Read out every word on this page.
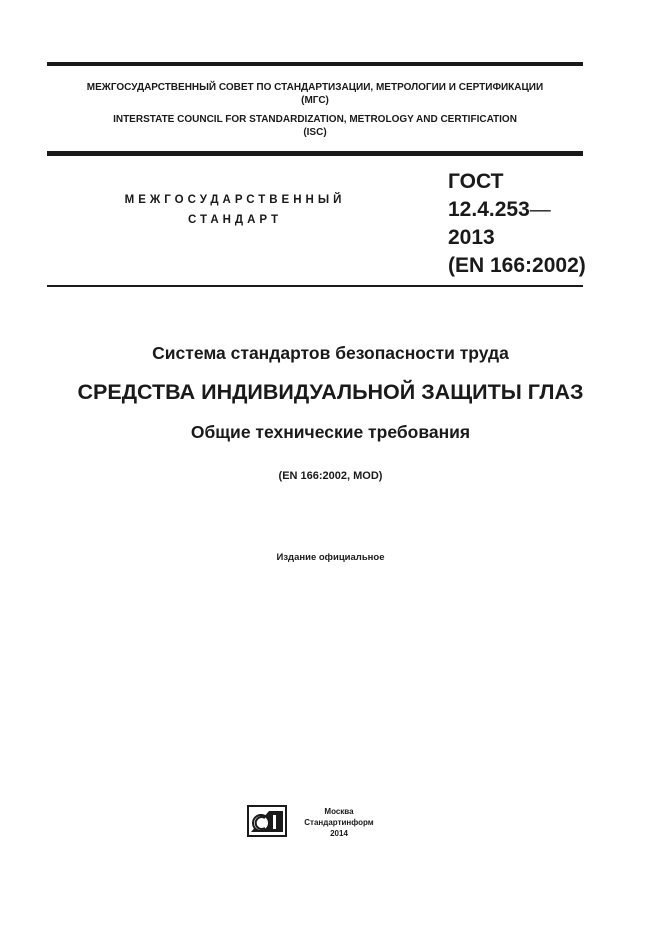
МЕЖГОСУДАРСТВЕННЫЙ СОВЕТ ПО СТАНДАРТИЗАЦИИ, МЕТРОЛОГИИ И СЕРТИФИКАЦИИ
(МГС)
INTERSTATE COUNCIL FOR STANDARDIZATION, METROLOGY AND CERTIFICATION
(ISC)
МЕЖГОСУДАРСТВЕННЫЙ
СТАНДАРТ
ГОСТ
12.4.253—
2013
(EN 166:2002)
Система стандартов безопасности труда
СРЕДСТВА ИНДИВИДУАЛЬНОЙ ЗАЩИТЫ ГЛАЗ
Общие технические требования
(EN 166:2002, MOD)
Издание официальное
Москва
Стандартинформ
2014
